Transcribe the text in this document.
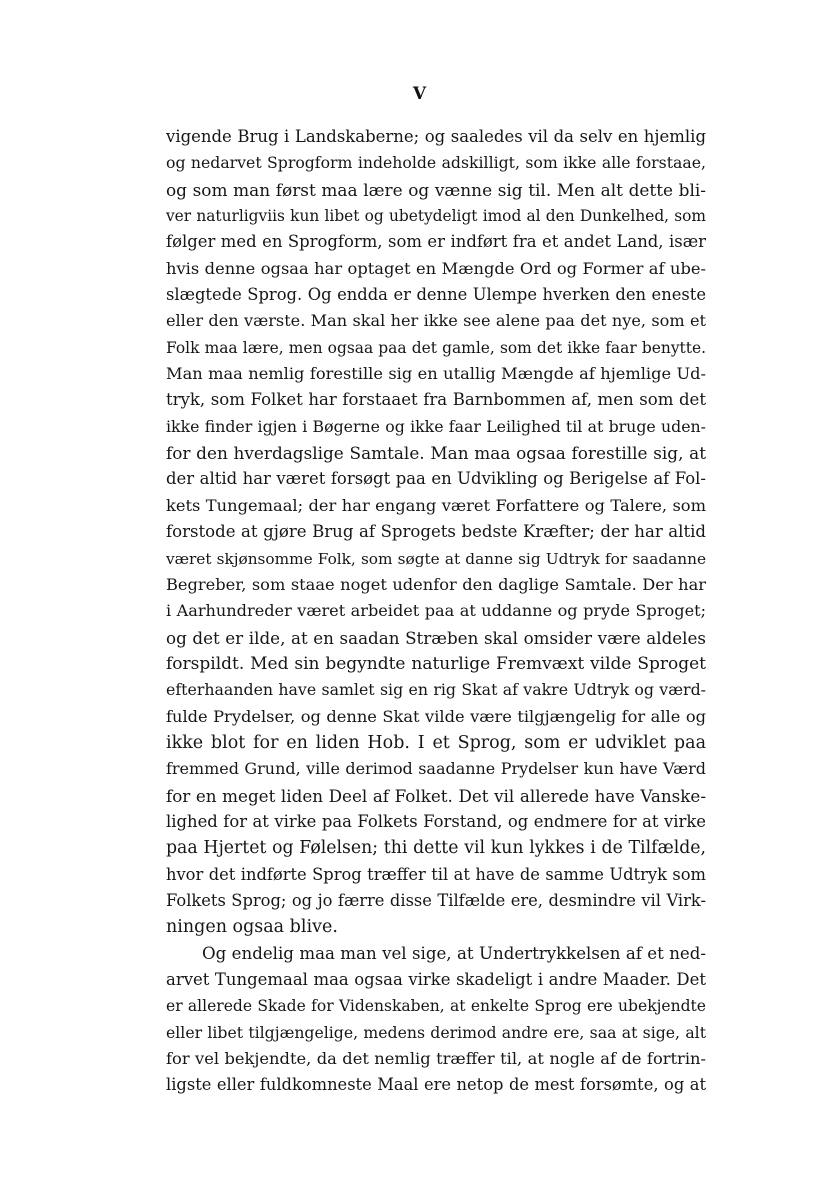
V
vigende Brug i Landskaberne; og saaledes vil da selv en hjemlig
og nedarvet Sprogform indeholde adskilligt, som ikke alle forstaae,
og som man først maa lære og vænne sig til. Men alt dette bli-
ver naturligviis kun libet og ubetydeligt imod al den Dunkelhed, som
følger med en Sprogform, som er indført fra et andet Land, især
hvis denne ogsaa har optaget en Mængde Ord og Former af ube-
slægtede Sprog. Og endda er denne Ulempe hverken den eneste
eller den værste. Man skal her ikke see alene paa det nye, som et
Folk maa lære, men ogsaa paa det gamle, som det ikke faar benytte.
Man maa nemlig forestille sig en utallig Mængde af hjemlige Ud-
tryk, som Folket har forstaaet fra Barnbommen af, men som det
ikke finder igjen i Bøgerne og ikke faar Leilighed til at bruge uden-
for den hverdagslige Samtale. Man maa ogsaa forestille sig, at
der altid har været forsøgt paa en Udvikling og Berigelse af Fol-
kets Tungemaal; der har engang været Forfattere og Talere, som
forstode at gjøre Brug af Sprogets bedste Kræfter; der har altid
været skjønsomme Folk, som søgte at danne sig Udtryk for saadanne
Begreber, som staae noget udenfor den daglige Samtale. Der har
i Aarhundreder været arbeidet paa at uddanne og pryde Sproget;
og det er ilde, at en saadan Stræben skal omsider være aldeles
forspildt. Med sin begyndte naturlige Fremvæxt vilde Sproget
efterhaanden have samlet sig en rig Skat af vakre Udtryk og værd-
fulde Prydelser, og denne Skat vilde være tilgjængelig for alle og
ikke blot for en liden Hob. I et Sprog, som er udviklet paa
fremmed Grund, ville derimod saadanne Prydelser kun have Værd
for en meget liden Deel af Folket. Det vil allerede have Vanske-
lighed for at virke paa Folkets Forstand, og endmere for at virke
paa Hjertet og Følelsen; thi dette vil kun lykkes i de Tilfælde,
hvor det indførte Sprog træffer til at have de samme Udtryk som
Folkets Sprog; og jo færre disse Tilfælde ere, desmindre vil Virk-
ningen ogsaa blive.
Og endelig maa man vel sige, at Undertrykkelsen af et ned-
arvet Tungemaal maa ogsaa virke skadeligt i andre Maader. Det
er allerede Skade for Videnskaben, at enkelte Sprog ere ubekjendte
eller libet tilgjængelige, medens derimod andre ere, saa at sige, alt
for vel bekjendte, da det nemlig træffer til, at nogle af de fortrin-
ligste eller fuldkomneste Maal ere netop de mest forsømte, og at
